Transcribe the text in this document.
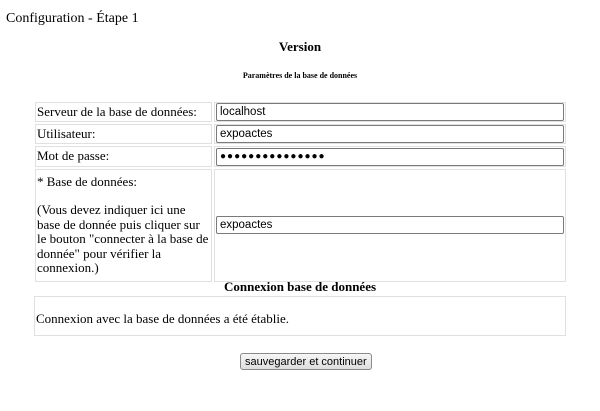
Configuration - Étape 1
Version
Paramètres de la base de données
Serveur de la base de données:	localhost
Utilisateur:	expoactes
Mot de passe:	●●●●●●●●●●●●●●●

* Base de données:
(Vous devez indiquer ici une base de donnée puis cliquer sur le bouton "connecter à la base de donnée" pour vérifier la connexion.)
	expoactes
Connexion base de données
Connexion avec la base de données a été établie.
sauvegarder et continuer
